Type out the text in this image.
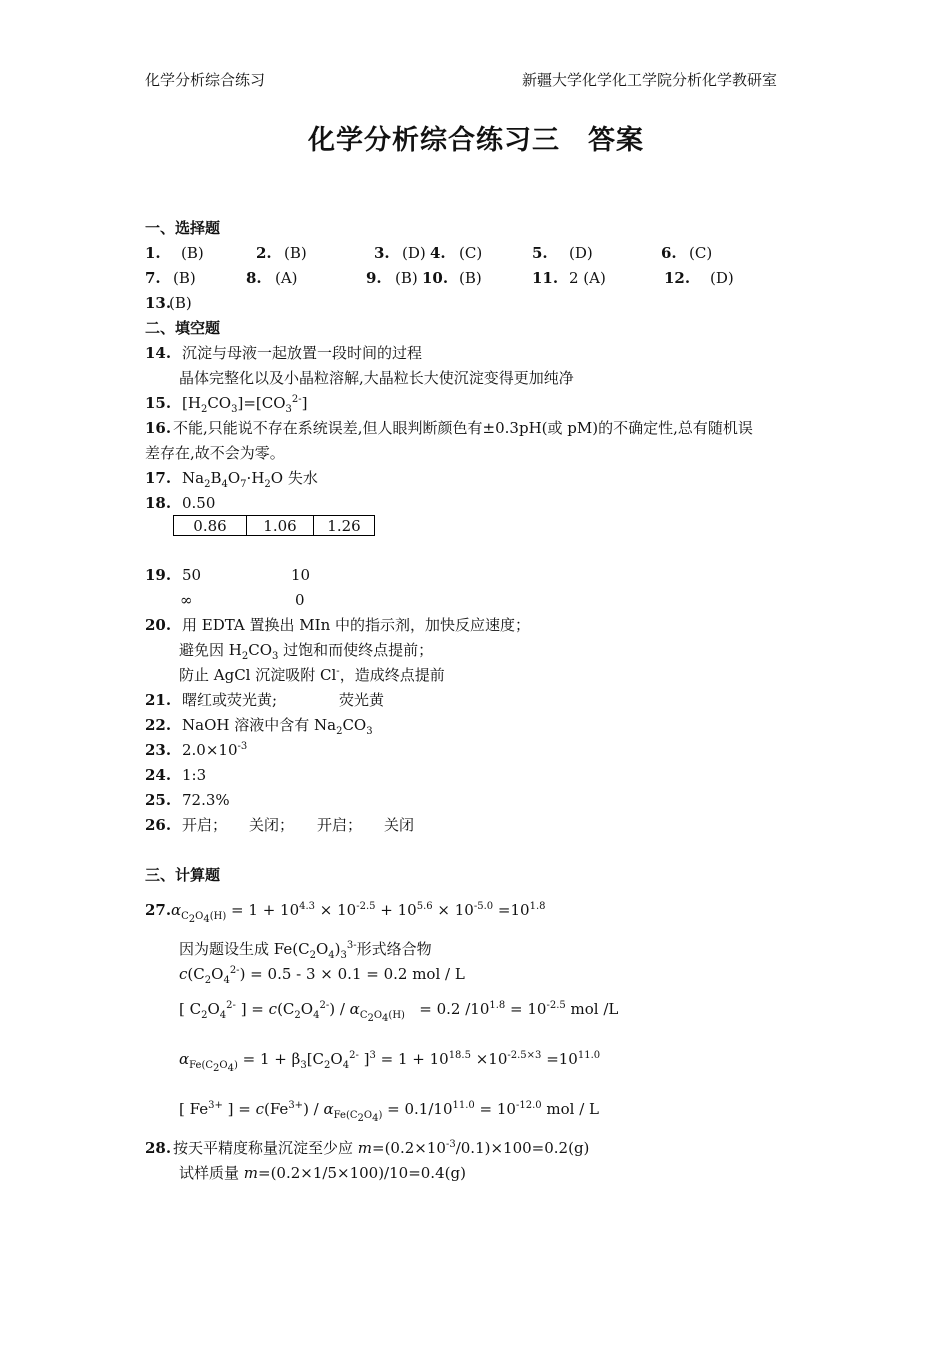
化学分析综合练习	新疆大学化学化工学院分析化学教研室
化学分析综合练习三　答案
一、选择题
1. (B)	2. (B)	3. (D) 4. (C)	5. (D)	6. (C)
7. (B)	8. (A)	9. (B) 10. (B)	11. 2 (A)	12. (D)
13.
(B)
二、填空题
14. 沉淀与母液一起放置一段时间的过程
晶体完整化以及小晶粒溶解,大晶粒长大使沉淀变得更加纯净
15. $[H_2CO_3]=[CO_3^{2-}]$
16. 不能,只能说不存在系统误差,但人眼判断颜色有±0.3pH(或 pM)的不确定性,总有随机误
差存在,故不会为零。
17. $Na_2B_4O_7\cdot H_2O$ 失水
18. 0.50
0.86	1.06	1.26
19. 50	10
∞	0
20. 用 EDTA 置换出 MIn 中的指示剂，加快反应速度；
避免因 $H_2CO_3$ 过饱和而使终点提前；
防止 AgCl 沉淀吸附 Cl-，造成终点提前
21. 曙红或荧光黄;	荧光黄
22. NaOH 溶液中含有 $Na_2CO_3$
23. $2.0\times 10^{-3}$
24. 1:3
25. 72.3%
26. 开启； 关闭； 开启； 关闭
三、计算题
27. $\alpha_{C_2O_4(H)} = 1 + 10^{4.3} \times 10^{-2.5} + 10^{5.6} \times 10^{-5.0} =10^{1.8}$
因为题设生成 $Fe(C_2O_4)_3^{3-}$形式络合物
$c(C_2O_4^{2-}) = 0.5 - 3 \times 0.1 = 0.2$ mol / L
[ $C_2O_4^{2-}$ ] = $c(C_2O_4^{2-}) / \alpha_{C_2O_4(H)} = 0.2$ $/10^{1.8} = 10^{-2.5}$ mol /L
$\alpha_{Fe(C_2O_4)} = 1 + \beta_3[C_2O_4^{2-}$ ]$^3 = 1 + 10^{18.5} \times 10^{-2.5\times 3} =10^{11.0}$
[ $Fe^{3+}$ ] = $c(Fe^{3+}) / \alpha_{Fe(C_2O_4)} = 0.1/10^{11.0} = 10^{-12.0}$ mol / L
28. 按天平精度称量沉淀至少应 $m=(0.2\times 10^{-3}/0.1)\times 100=0.2(g)$
试样质量 m=(0.2×1/5×100)/10=0.4(g)
